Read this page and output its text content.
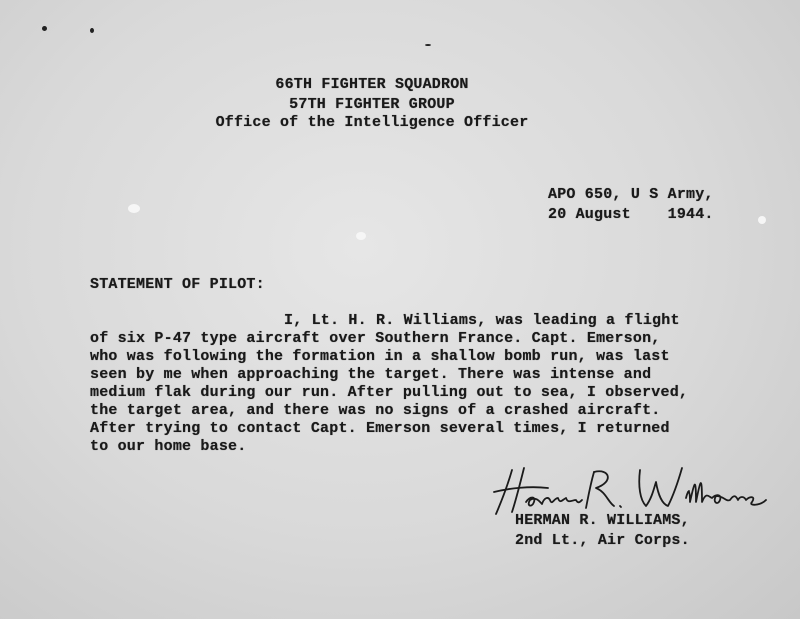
66TH FIGHTER SQUADRON
57TH FIGHTER GROUP
Office of the Intelligence Officer
APO 650, U S Army,
20 August    1944.
STATEMENT OF PILOT:
I, Lt. H. R. Williams, was leading a flight
of six P-47 type aircraft over Southern France. Capt. Emerson,
who was following the formation in a shallow bomb run, was last
seen by me when approaching the target. There was intense and
medium flak during our run. After pulling out to sea, I observed,
the target area, and there was no signs of a crashed aircraft.
After trying to contact Capt. Emerson several times, I returned
to our home base.
HERMAN R. WILLIAMS,
2nd Lt., Air Corps.
